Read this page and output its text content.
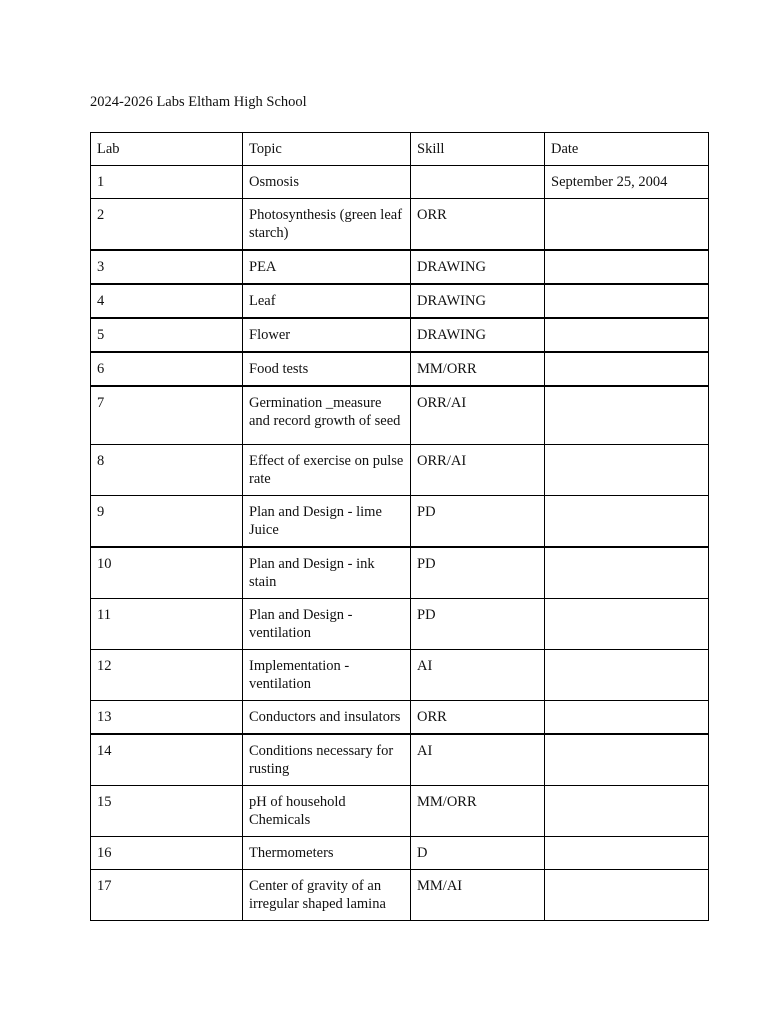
2024-2026 Labs Eltham High School
Lab	Topic	Skill	Date
1	Osmosis		September 25, 2004
2	Photosynthesis (green leaf starch)	ORR	
3	PEA	DRAWING	
4	Leaf	DRAWING	
5	Flower	DRAWING	
6	Food tests	MM/ORR	
7	Germination _measure and record growth of seed	ORR/AI	
8	Effect of exercise on pulse rate	ORR/AI	
9	Plan and Design - lime Juice	PD	
10	Plan and Design - ink stain	PD	
11	Plan and Design - ventilation	PD	
12	Implementation - ventilation	AI	
13	Conductors and insulators	ORR	
14	Conditions necessary for rusting	AI	
15	pH of household Chemicals	MM/ORR	
16	Thermometers	D	
17	Center of gravity of an irregular shaped lamina	MM/AI	
